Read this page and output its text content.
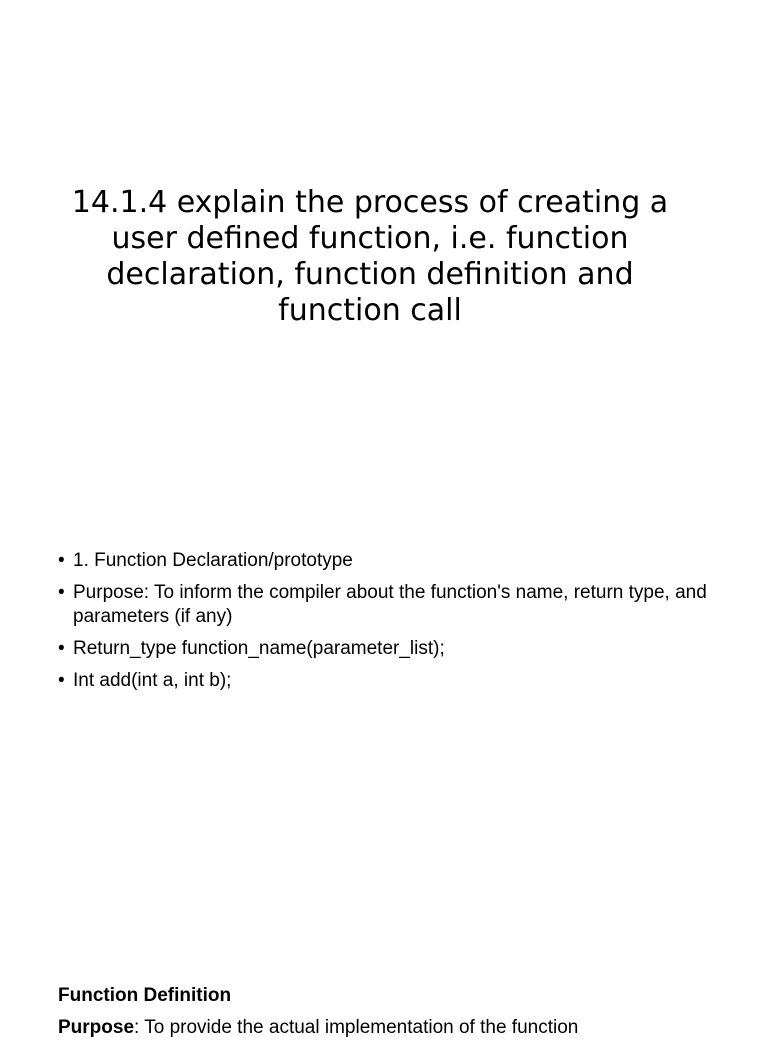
14.1.4 explain the process of creating a user defined function, i.e. function declaration, function definition and function call
• 1. Function Declaration/prototype
• Purpose: To inform the compiler about the function's name, return type, and parameters (if any)
• Return_type function_name(parameter_list);
• Int add(int a, int b);

Function Definition

Purpose: To provide the actual implementation of the function
